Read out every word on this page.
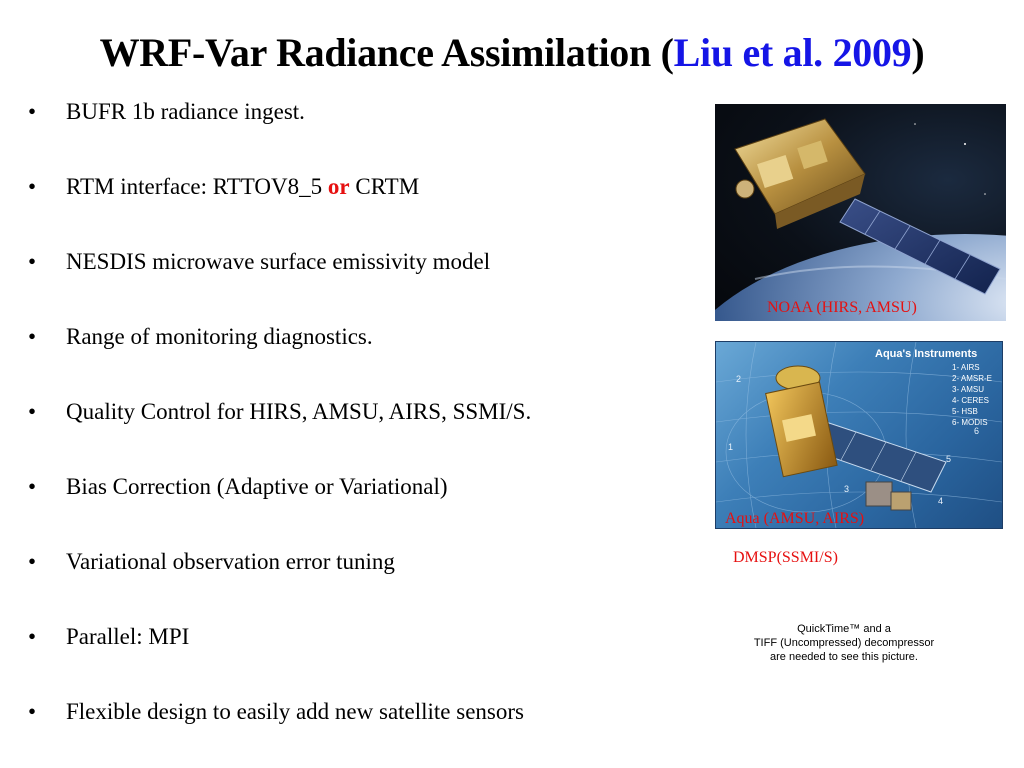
WRF-Var Radiance Assimilation (Liu et al. 2009)
•	BUFR 1b radiance ingest.
•	RTM interface: RTTOV8_5 or CRTM
•	NESDIS microwave surface emissivity model
•	Range of monitoring diagnostics.
•	Quality Control for HIRS, AMSU, AIRS, SSMI/S.
•	Bias Correction (Adaptive or Variational)
•	Variational observation error tuning
•	Parallel: MPI
•	Flexible design to easily add new satellite sensors
NOAA (HIRS, AMSU)
2
1
5
6
4
3
Aqua's Instruments
1- AIRS
2- AMSR-E
3- AMSU
4- CERES
5- HSB
6- MODIS
Aqua (AMSU, AIRS)
DMSP(SSMI/S)
QuickTime™ and a
TIFF (Uncompressed) decompressor
are needed to see this picture.
